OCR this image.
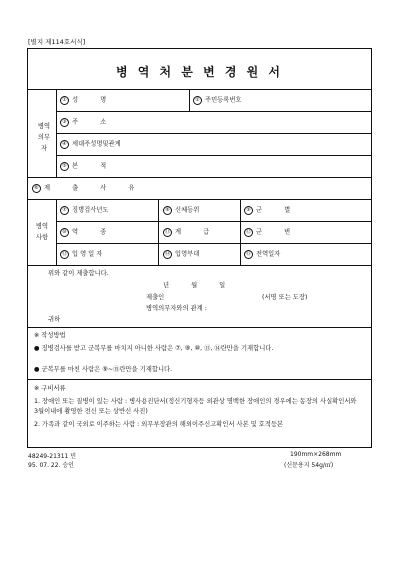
[별지 제114호서식]
병 역 처 분 변 경 원 서
병역의무자
병역사항
① 성 명	② 주민등록번호
③ 주 소
④ 세대주성명및관계
⑤ 본 적
⑥ 제 출 사 유
⑦ 징병검사년도	⑧ 신체등위	⑨ 군 별
⑩ 역 종	⑪ 계 급	⑫ 군 번
⑬ 입 영 일 자	⑭ 입영부대	⑮ 전역일자
위와 같이 제출합니다.
년 월 일
제출인	(서명 또는 도장)
병역의무자와의 관계 :
귀하
※ 작성방법
● 징병검사를 받고 군복무를 마치지 아니한 사람은 ⑦, ⑧, ⑩, ⑬, ⑭란만을 기재합니다.
● 군복무를 마친 사람은 ⑨~⑮란만을 기재합니다.
※ 구비서류
1. 장애인 또는 질병이 있는 사람 : 병사용진단서(정신기형자등 외관상 명백한 장애인의 경우에는 동장의 사실확인서와 3월이내에 촬영한 전신 또는 상반신 사진)
2. 가족과 같이 국외로 이주하는 사람 : 외무부장관의 해외이주신고확인서 사본 및 호적등본
48249-21311 민
95. 07. 22. 승인
190mm×268mm
(신문용지 54g/㎡)
